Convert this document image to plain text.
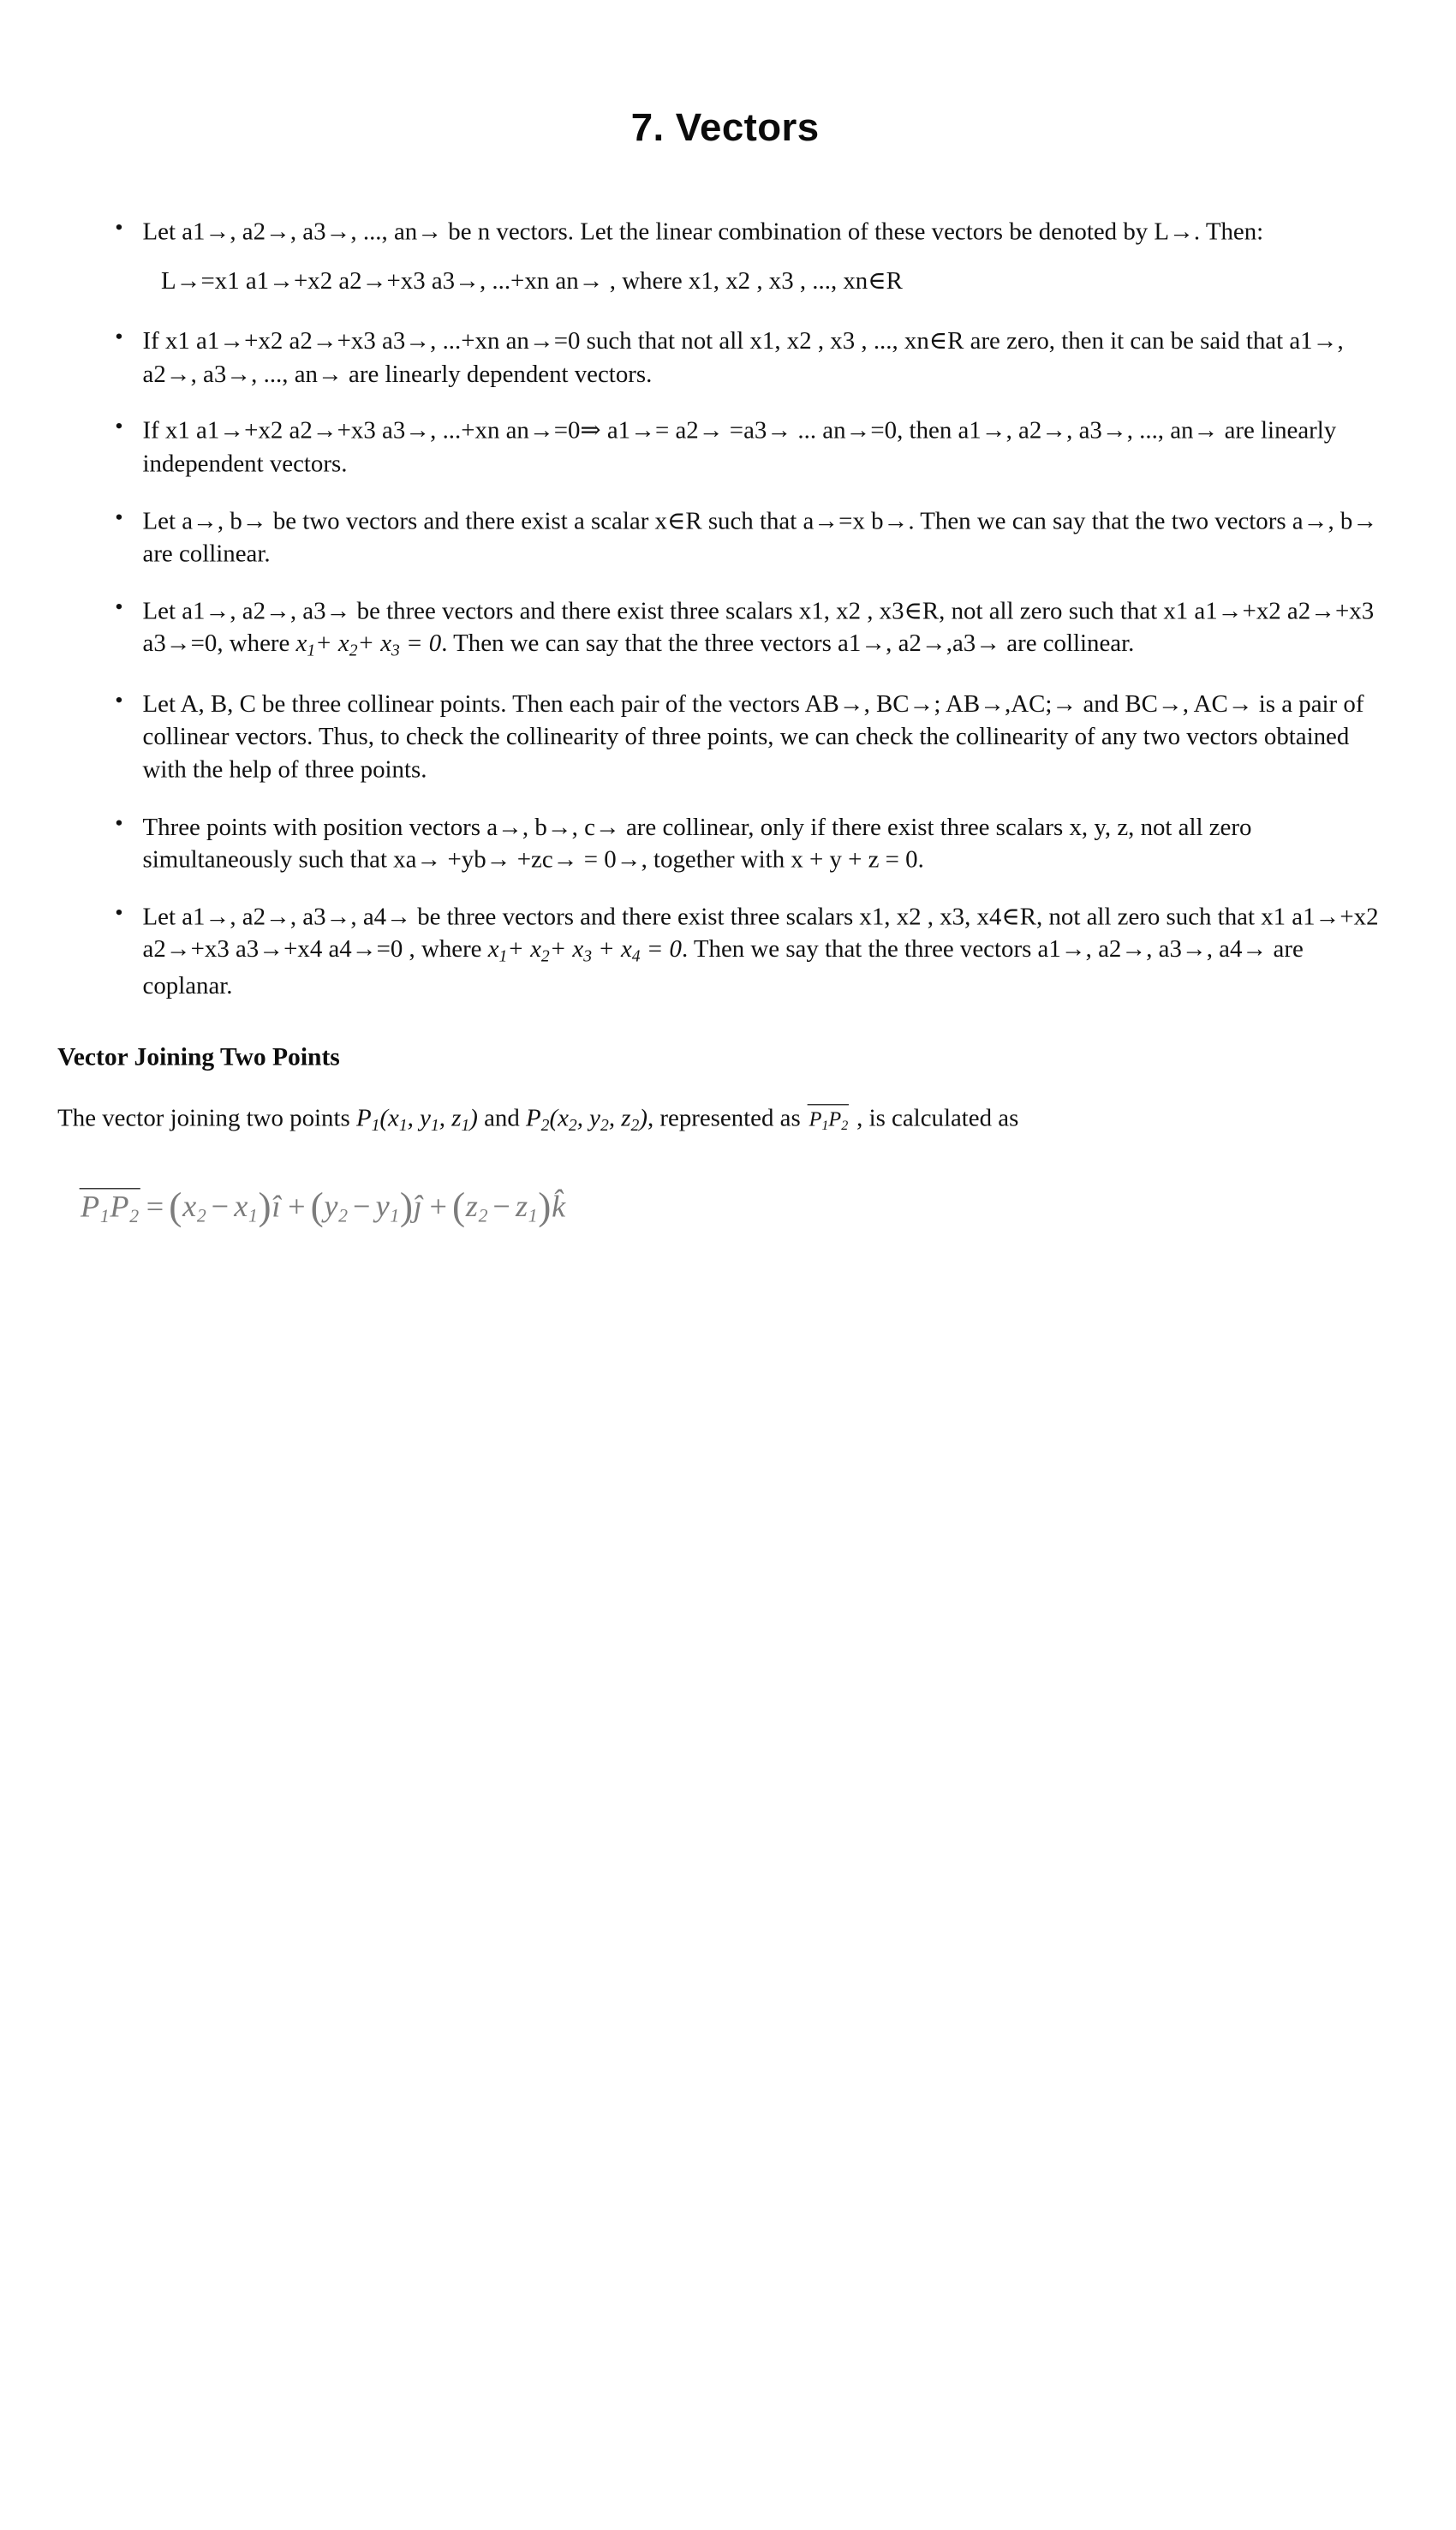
7. Vectors
• Let a1→, a2→, a3→, ..., an→ be n vectors. Let the linear combination of these vectors be denoted by L→. Then:
L→=x1 a1→+x2 a2→+x3 a3→, ...+xn an→ , where x1, x2 , x3 , ..., xn∈R
• If x1 a1→+x2 a2→+x3 a3→, ...+xn an→=0 such that not all x1, x2 , x3 , ..., xn∈R are zero, then it can be said that a1→, a2→, a3→, ..., an→ are linearly dependent vectors.
• If x1 a1→+x2 a2→+x3 a3→, ...+xn an→=0⇒ a1→= a2→ =a3→ ... an→=0, then a1→, a2→, a3→, ..., an→ are linearly independent vectors.
• Let a→, b→ be two vectors and there exist a scalar x∈R such that a→=x b→. Then we can say that the two vectors a→, b→ are collinear.
• Let a1→, a2→, a3→ be three vectors and there exist three scalars x1, x2 , x3∈R, not all zero such that x1 a1→+x2 a2→+x3 a3→=0, where $x_1+ x_2+ x_3 = 0$. Then we can say that the three vectors a1→, a2→,a3→ are collinear.
• Let A, B, C be three collinear points. Then each pair of the vectors AB→, BC→; AB→,AC;→ and BC→, AC→ is a pair of collinear vectors. Thus, to check the collinearity of three points, we can check the collinearity of any two vectors obtained with the help of three points.
• Three points with position vectors a→, b→, c→ are collinear, only if there exist three scalars x, y, z, not all zero simultaneously such that xa→ +yb→ +zc→ = 0→, together with x + y + z = 0.
• Let a1→, a2→, a3→, a4→ be three vectors and there exist three scalars x1, x2 , x3, x4∈R, not all zero such that x1 a1→+x2 a2→+x3 a3→+x4 a4→=0 , where $x_1+ x_2+ x_3 + x_4 = 0$. Then we say that the three vectors a1→, a2→, a3→, a4→ are coplanar.
Vector Joining Two Points

The vector joining two points $P_1(x_1$, $y_1$, $z_1$) and $P_2(x_2$, $y_2$, $z_2$), represented as $P_1P_2$ , is calculated as

$P_1P_2 = (x_2$ − $x_1)î + (y_2$ − $y_1)ĵ + (z_2$ − $z_1)k̂$
